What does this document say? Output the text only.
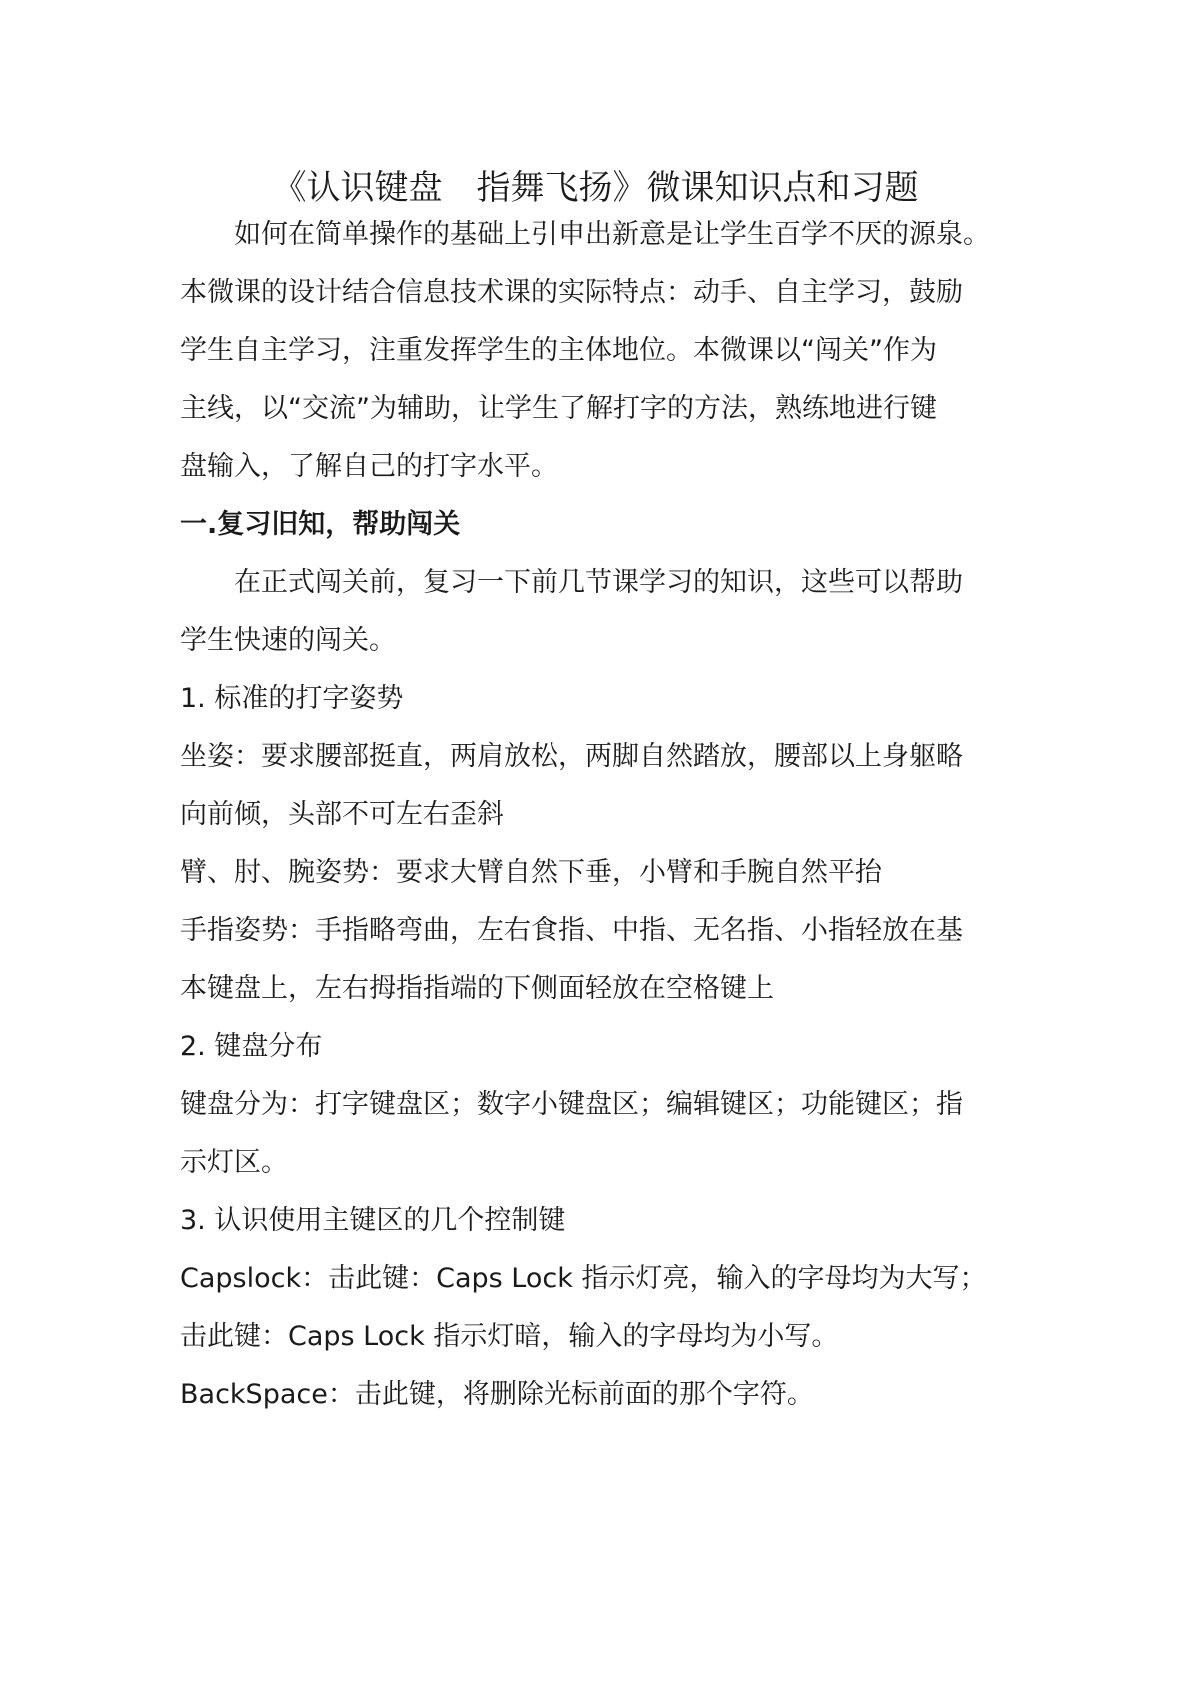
《认识键盘　指舞飞扬》微课知识点和习题
如何在简单操作的基础上引申出新意是让学生百学不厌的源泉。
本微课的设计结合信息技术课的实际特点：动手、自主学习，鼓励
学生自主学习，注重发挥学生的主体地位。本微课以“闯关”作为
主线，以“交流”为辅助，让学生了解打字的方法，熟练地进行键
盘输入，了解自己的打字水平。
一.复习旧知，帮助闯关
在正式闯关前，复习一下前几节课学习的知识，这些可以帮助
学生快速的闯关。
1. 标准的打字姿势
坐姿：要求腰部挺直，两肩放松，两脚自然踏放，腰部以上身躯略
向前倾，头部不可左右歪斜
臂、肘、腕姿势：要求大臂自然下垂，小臂和手腕自然平抬
手指姿势：手指略弯曲，左右食指、中指、无名指、小指轻放在基
本键盘上，左右拇指指端的下侧面轻放在空格键上
2. 键盘分布
键盘分为：打字键盘区；数字小键盘区；编辑键区；功能键区；指
示灯区。
3. 认识使用主键区的几个控制键
Capslock：击此键：Caps Lock 指示灯亮，输入的字母均为大写；
击此键：Caps Lock 指示灯暗，输入的字母均为小写。
BackSpace：击此键，将删除光标前面的那个字符。
